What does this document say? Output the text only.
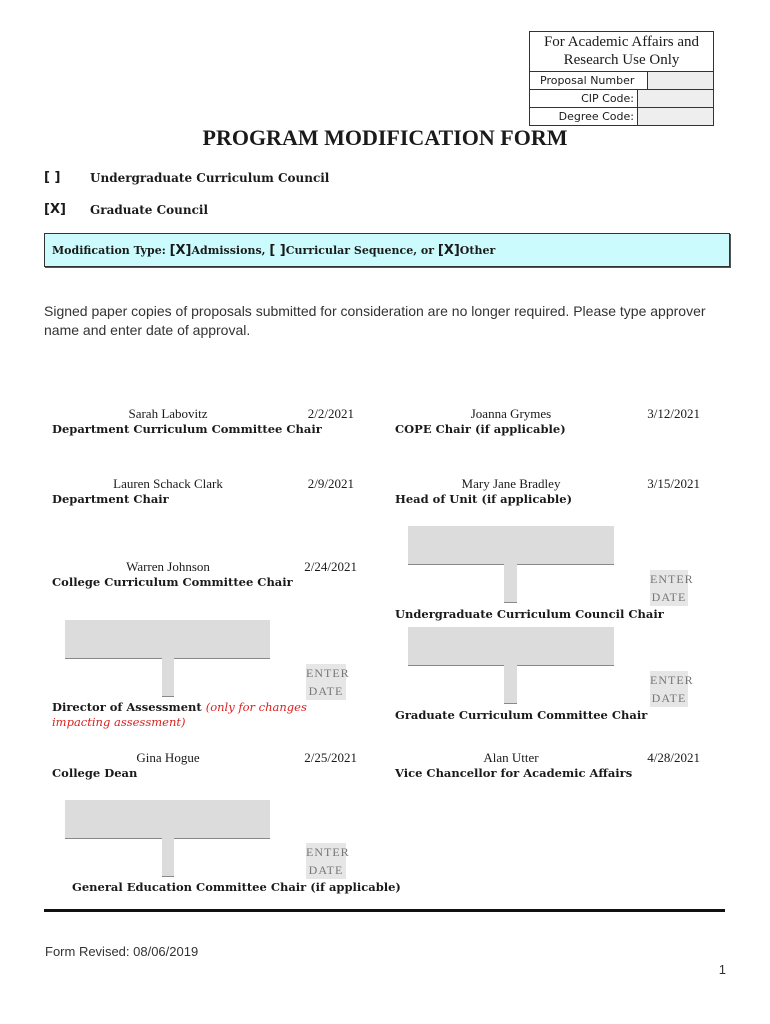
For Academic Affairs and Research Use Only
Proposal Number
CIP Code:
Degree Code:
PROGRAM MODIFICATION FORM
[ ] Undergraduate Curriculum Council
[X] Graduate Council
Modification Type: [X]Admissions, [ ]Curricular Sequence, or [X]Other
Signed paper copies of proposals submitted for consideration are no longer required. Please type approver name and enter date of approval.
Sarah Labovitz	2/2/2021
Department Curriculum Committee Chair
Lauren Schack Clark	2/9/2021
Department Chair
Warren Johnson	2/24/2021
College Curriculum Committee Chair
ENTER
DATE
Director of Assessment (only for changes impacting assessment)
Gina Hogue	2/25/2021
College Dean
ENTER
DATE
General Education Committee Chair (if applicable)
Joanna Grymes	3/12/2021
COPE Chair (if applicable)
Mary Jane Bradley	3/15/2021
Head of Unit (if applicable)
ENTER
DATE
Undergraduate Curriculum Council Chair
ENTER
DATE
Graduate Curriculum Committee Chair
Alan Utter	4/28/2021
Vice Chancellor for Academic Affairs
Form Revised: 08/06/2019
1
